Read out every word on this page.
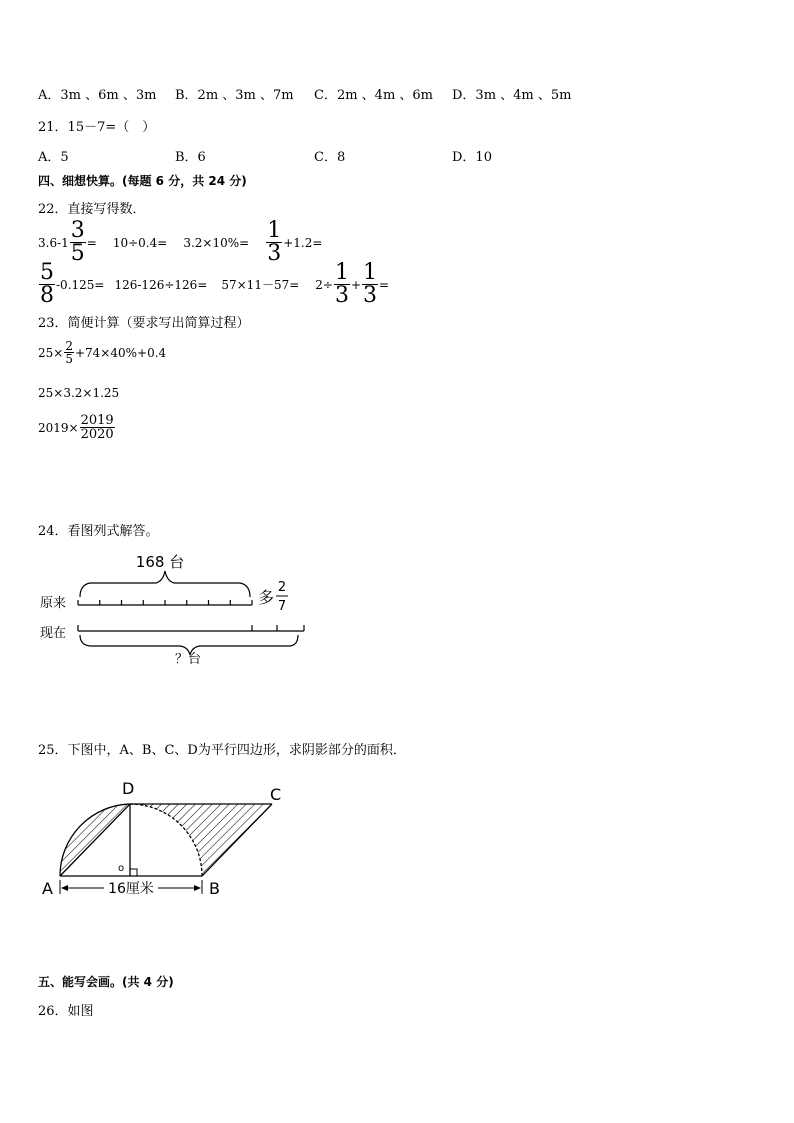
A．3m 、6m 、3m B．2m 、3m 、7m C．2m 、4m 、6m D．3m 、4m 、5m
21．15－7=（　）
A．5	B．6	C．8	D．10
四、细想快算。(每题 6 分，共 24 分)
22．直接写得数．
$3.6-1 \frac{3}{5} = 10\div 0.4= 3.2\times 10\%= \frac{1}{3} +1.2=$
$\frac{5}{8} -0.125= 126-126\div 126= 57\times 11-57= 2\div \frac{1}{3} + \frac{1}{3}$ =
23．简便计算（要求写出简算过程）
$25\times \frac{2}{5} +74\times 40\%+0.4$
25×3.2×1.25
$2019\times \frac{2019}{2020}$
24．看图列式解答。
168 台
原来	多
2
7
现在
？台
25．下图中，A、B、C、D为平行四边形，求阴影部分的面积．
o
16厘米
A	B
C
D
五、能写会画。(共 4 分)
26．如图
